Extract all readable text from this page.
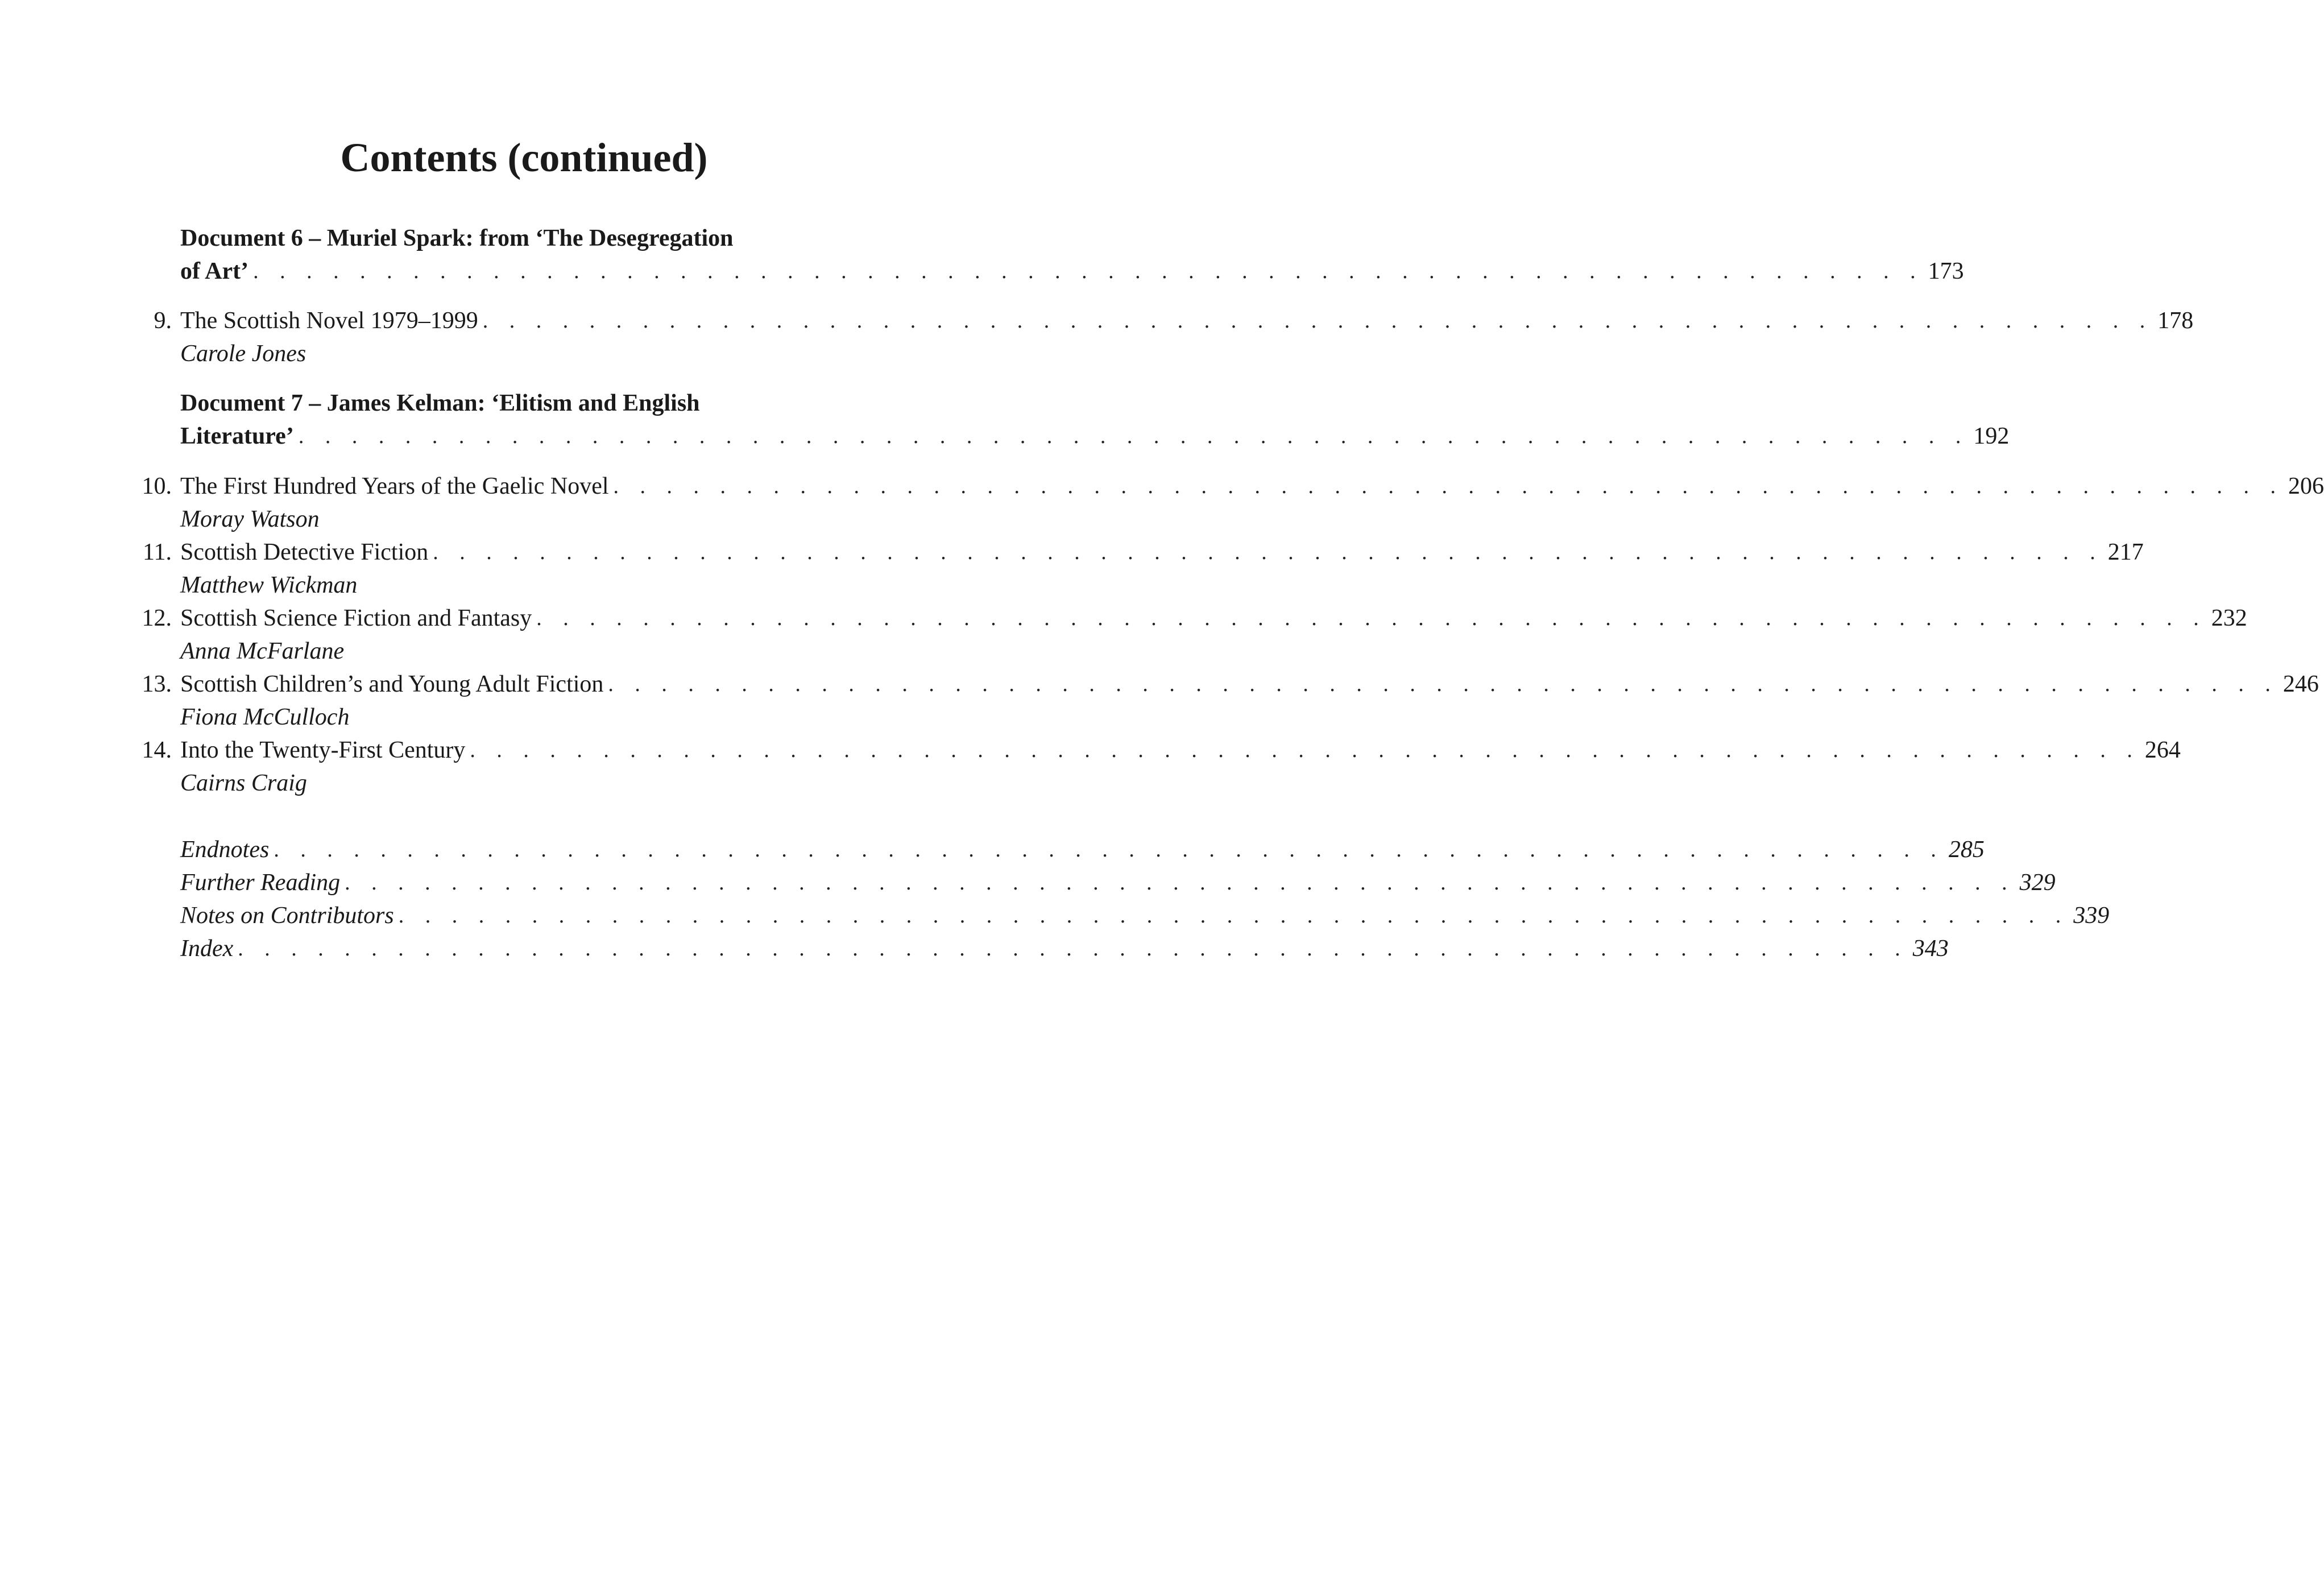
Contents (continued)
Document 6 – Muriel Spark: from ‘The Desegregation
of Art’ . . . . . . . . . . . . . . . . . . . . . . . . . . . . . . . . . . . . . . . . . . . . . . . . . . . . . . . . . . . . . . . 173
9. The Scottish Novel 1979–1999 . . . . . . . . . . . . . . . . . . . . . . . . . . . . . . . . . . . . . . . . . . . . . . . . . . . . . . . . . . . . . . . 178
Carole Jones
Document 7 – James Kelman: ‘Elitism and English
Literature’ . . . . . . . . . . . . . . . . . . . . . . . . . . . . . . . . . . . . . . . . . . . . . . . . . . . . . . . . . . . . . . . 192
10. The First Hundred Years of the Gaelic Novel . . . . . . . . . . . . . . . . . . . . . . . . . . . . . . . . . . . . . . . . . . . . . . . . . . . . . . . . . . . . . . . 206
Moray Watson
11. Scottish Detective Fiction . . . . . . . . . . . . . . . . . . . . . . . . . . . . . . . . . . . . . . . . . . . . . . . . . . . . . . . . . . . . . . . 217
Matthew Wickman
12. Scottish Science Fiction and Fantasy . . . . . . . . . . . . . . . . . . . . . . . . . . . . . . . . . . . . . . . . . . . . . . . . . . . . . . . . . . . . . . . 232
Anna McFarlane
13. Scottish Children’s and Young Adult Fiction . . . . . . . . . . . . . . . . . . . . . . . . . . . . . . . . . . . . . . . . . . . . . . . . . . . . . . . . . . . . . . . 246
Fiona McCulloch
14. Into the Twenty-First Century . . . . . . . . . . . . . . . . . . . . . . . . . . . . . . . . . . . . . . . . . . . . . . . . . . . . . . . . . . . . . . . 264
Cairns Craig
Endnotes . . . . . . . . . . . . . . . . . . . . . . . . . . . . . . . . . . . . . . . . . . . . . . . . . . . . . . . . . . . . . . . 285
Further Reading . . . . . . . . . . . . . . . . . . . . . . . . . . . . . . . . . . . . . . . . . . . . . . . . . . . . . . . . . . . . . . . 329
Notes on Contributors . . . . . . . . . . . . . . . . . . . . . . . . . . . . . . . . . . . . . . . . . . . . . . . . . . . . . . . . . . . . . . . 339
Index . . . . . . . . . . . . . . . . . . . . . . . . . . . . . . . . . . . . . . . . . . . . . . . . . . . . . . . . . . . . . . . 343
